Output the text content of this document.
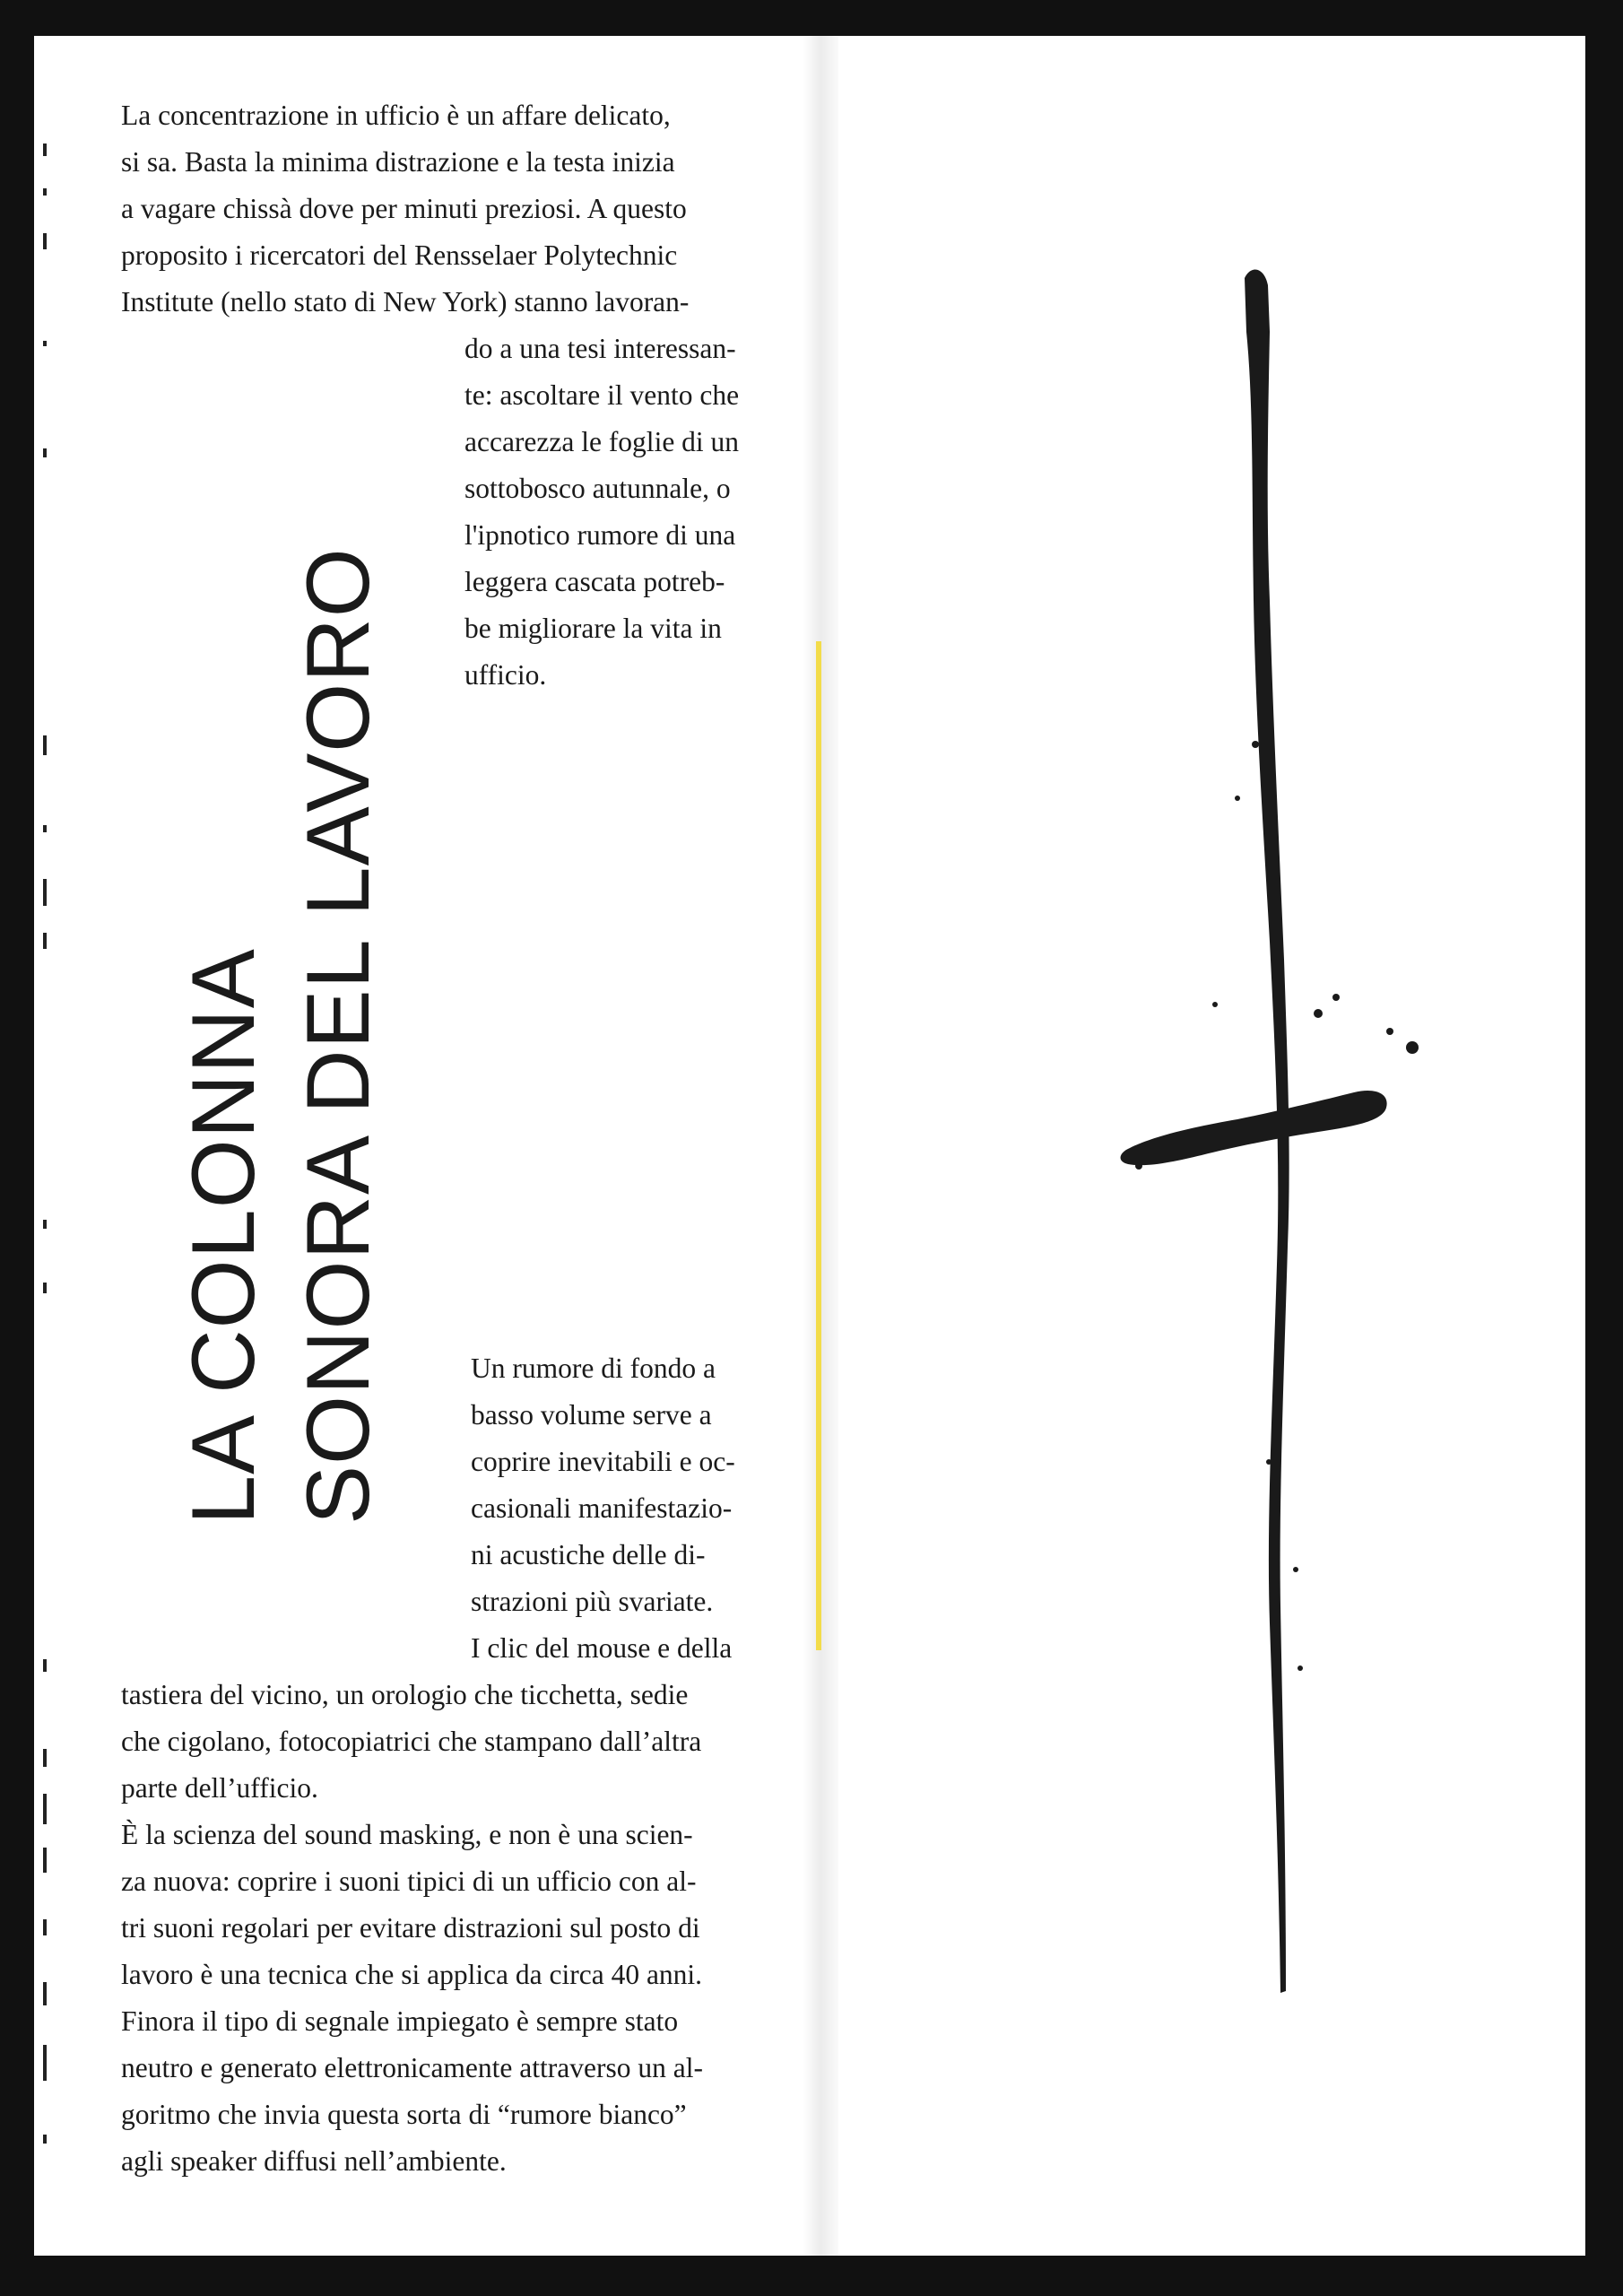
La concentrazione in ufficio è un affare delicato,
si sa. Basta la minima distrazione e la testa inizia
a vagare chissà dove per minuti preziosi. A questo
proposito i ricercatori del Rensselaer Polytechnic
Institute (nello stato di New York) stanno lavoran-
do a una tesi interessan-
te: ascoltare il vento che
accarezza le foglie di un
sottobosco autunnale, o
l'ipnotico rumore di una
leggera cascata potreb-
be migliorare la vita in
ufficio.
LA COLONNA SONORA DEL LAVORO	Un rumore di fondo a
basso volume serve a
coprire inevitabili e oc-
casionali manifestazio-
ni acustiche delle di-
strazioni più svariate.
I clic del mouse e della
tastiera del vicino, un orologio che ticchetta, sedie
che cigolano, fotocopiatrici che stampano dall’altra
parte dell’ufficio.
È la scienza del sound masking, e non è una scien-
za nuova: coprire i suoni tipici di un ufficio con al-
tri suoni regolari per evitare distrazioni sul posto di
lavoro è una tecnica che si applica da circa 40 anni.
Finora il tipo di segnale impiegato è sempre stato
neutro e generato elettronicamente attraverso un al-
goritmo che invia questa sorta di “rumore bianco”
agli speaker diffusi nell’ambiente.
